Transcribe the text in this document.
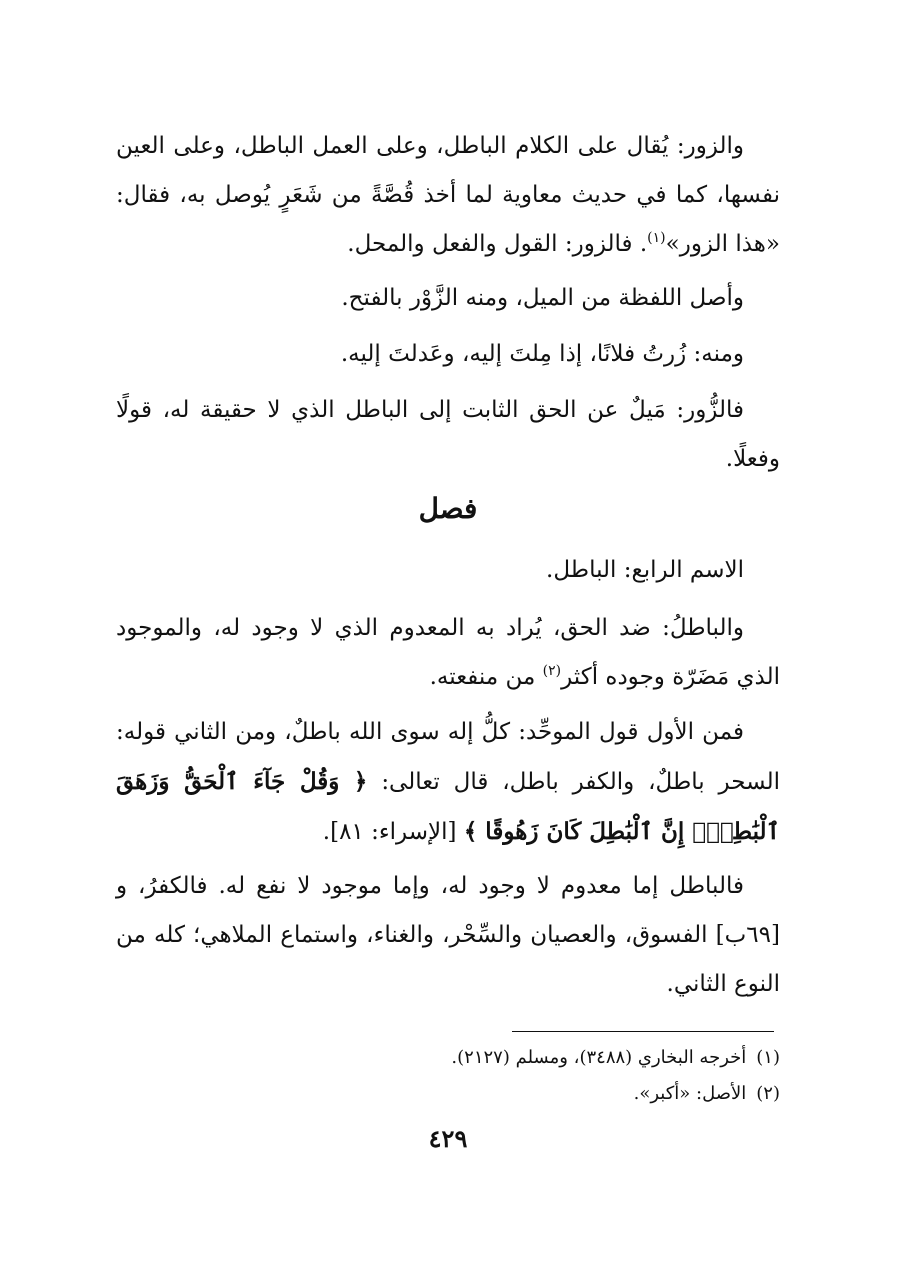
والزور: يُقال على الكلام الباطل، وعلى العمل الباطل، وعلى العين نفسها، كما في حديث معاوية لما أخذ قُصَّةً من شَعَرٍ يُوصل به، فقال: «هذا الزور»$^{(١)}$. فالزور: القول والفعل والمحل.

وأصل اللفظة من الميل، ومنه الزَّوْر بالفتح.

ومنه: زُرتُ فلانًا، إذا مِلتَ إليه، وعَدلتَ إليه.

فالزُّور: مَيلٌ عن الحق الثابت إلى الباطل الذي لا حقيقة له، قولًا وفعلًا.

فصل

الاسم الرابع: الباطل.

والباطلُ: ضد الحق، يُراد به المعدوم الذي لا وجود له، والموجود الذي مَضَرّة وجوده أكثر$^{(٢)}$ من منفعته.

فمن الأول قول الموحِّد: كلُّ إله سوى الله باطلٌ، ومن الثاني قوله: السحر باطلٌ، والكفر باطل، قال تعالى: ﴿ وَقُلْ جَآءَ ٱلْحَقُّ وَزَهَقَ ٱلْبَٰطِلُۚ إِنَّ ٱلْبَٰطِلَ كَانَ زَهُوقًا ﴾ [الإسراء: ٨١].

فالباطل إما معدوم لا وجود له، وإما موجود لا نفع له. فالكفرُ، و [٦٩ب] الفسوق، والعصيان والسِّحْر، والغناء، واستماع الملاهي؛ كله من النوع الثاني.

(١)أخرجه البخاري (٣٤٨٨)، ومسلم (٢١٢٧).

(٢)الأصل: «أكبر».

٤٢٩
